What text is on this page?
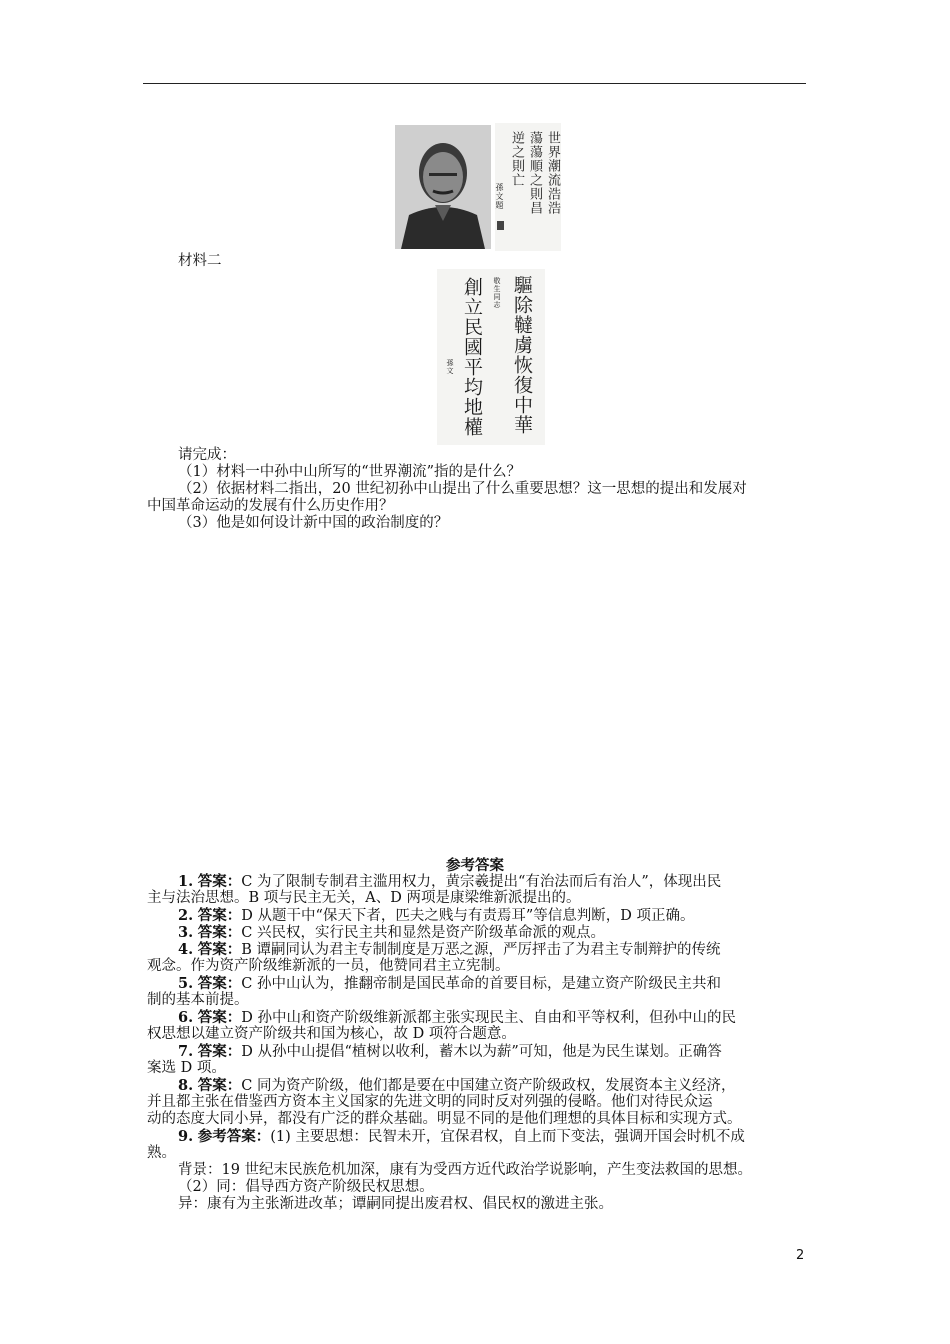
世界潮流浩浩
蕩蕩順之則昌
逆之則亡
孫文題
材料二
驅除韃虜恢復中華
敬生同志
創立民國平均地權
孫文
请完成：
（1）材料一中孙中山所写的“世界潮流”指的是什么？
（2）依据材料二指出，20 世纪初孙中山提出了什么重要思想？这一思想的提出和发展对
中国革命运动的发展有什么历史作用？
（3）他是如何设计新中国的政治制度的？
参考答案
1. 答案：C 为了限制专制君主滥用权力，黄宗羲提出“有治法而后有治人”，体现出民
主与法治思想。B 项与民主无关，A、D 两项是康梁维新派提出的。
2. 答案：D 从题干中“保天下者，匹夫之贱与有责焉耳”等信息判断，D 项正确。
3. 答案：C 兴民权，实行民主共和显然是资产阶级革命派的观点。
4. 答案：B 谭嗣同认为君主专制制度是万恶之源，严厉抨击了为君主专制辩护的传统
观念。作为资产阶级维新派的一员，他赞同君主立宪制。
5. 答案：C 孙中山认为，推翻帝制是国民革命的首要目标，是建立资产阶级民主共和
制的基本前提。
6. 答案：D 孙中山和资产阶级维新派都主张实现民主、自由和平等权利，但孙中山的民
权思想以建立资产阶级共和国为核心，故 D 项符合题意。
7. 答案：D 从孙中山提倡“植树以收利，蓄木以为薪”可知，他是为民生谋划。正确答
案选 D 项。
8. 答案：C 同为资产阶级，他们都是要在中国建立资产阶级政权，发展资本主义经济，
并且都主张在借鉴西方资本主义国家的先进文明的同时反对列强的侵略。他们对待民众运
动的态度大同小异，都没有广泛的群众基础。明显不同的是他们理想的具体目标和实现方式。
9. 参考答案：(1) 主要思想：民智未开，宜保君权，自上而下变法，强调开国会时机不成
熟。
背景：19 世纪末民族危机加深，康有为受西方近代政治学说影响，产生变法救国的思想。
（2）同：倡导西方资产阶级民权思想。
异：康有为主张渐进改革；谭嗣同提出废君权、倡民权的激进主张。
2
